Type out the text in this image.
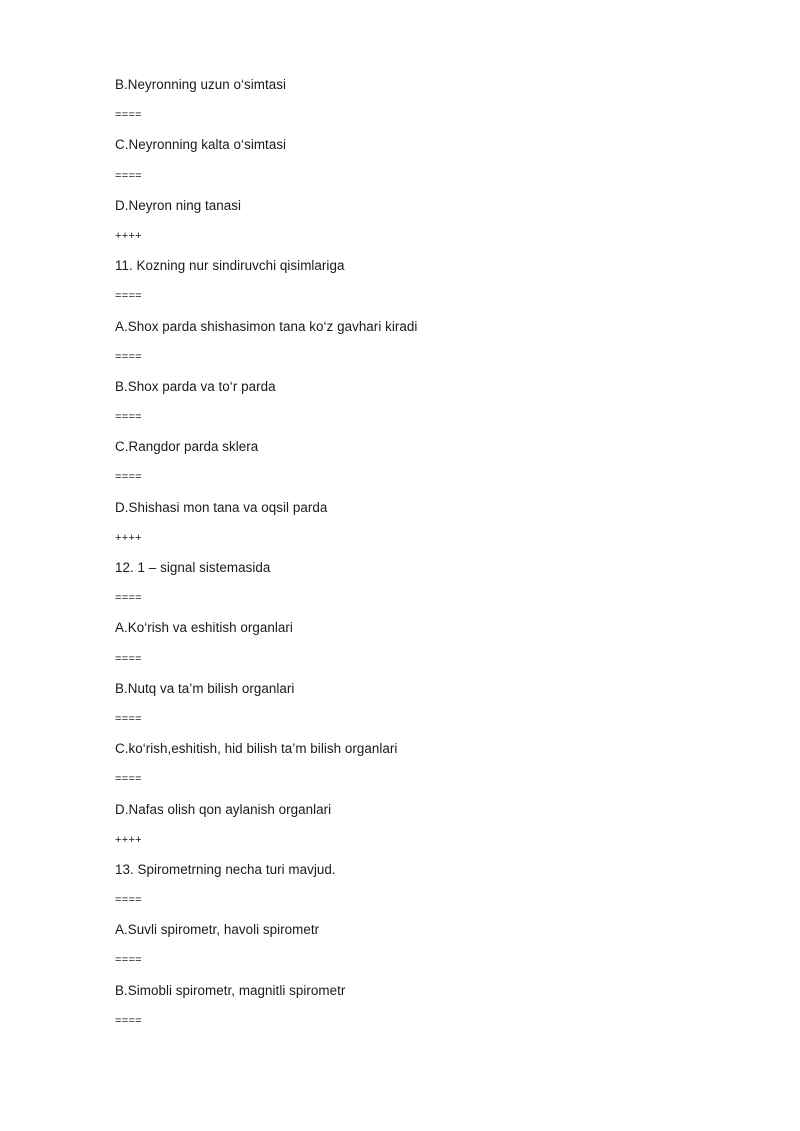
B.Neyronning uzun o‘simtasi
====
C.Neyronning kalta o‘simtasi
====
D.Neyron ning tanasi
++++
11. Kozning nur sindiruvchi qisimlariga
====
A.Shox parda shishasimon tana ko‘z gavhari kiradi
====
B.Shox parda va to‘r parda
====
C.Rangdor parda sklera
====
D.Shishasi mon tana va oqsil parda
++++
12. 1 – signal sistemasida
====
A.Ko‘rish va eshitish organlari
====
B.Nutq va ta’m bilish organlari
====
C.ko‘rish,eshitish, hid bilish ta’m bilish organlari
====
D.Nafas olish qon aylanish organlari
++++
13. Spirometrning necha turi mavjud.
====
A.Suvli spirometr, havoli spirometr
====
B.Simobli spirometr, magnitli spirometr
====
